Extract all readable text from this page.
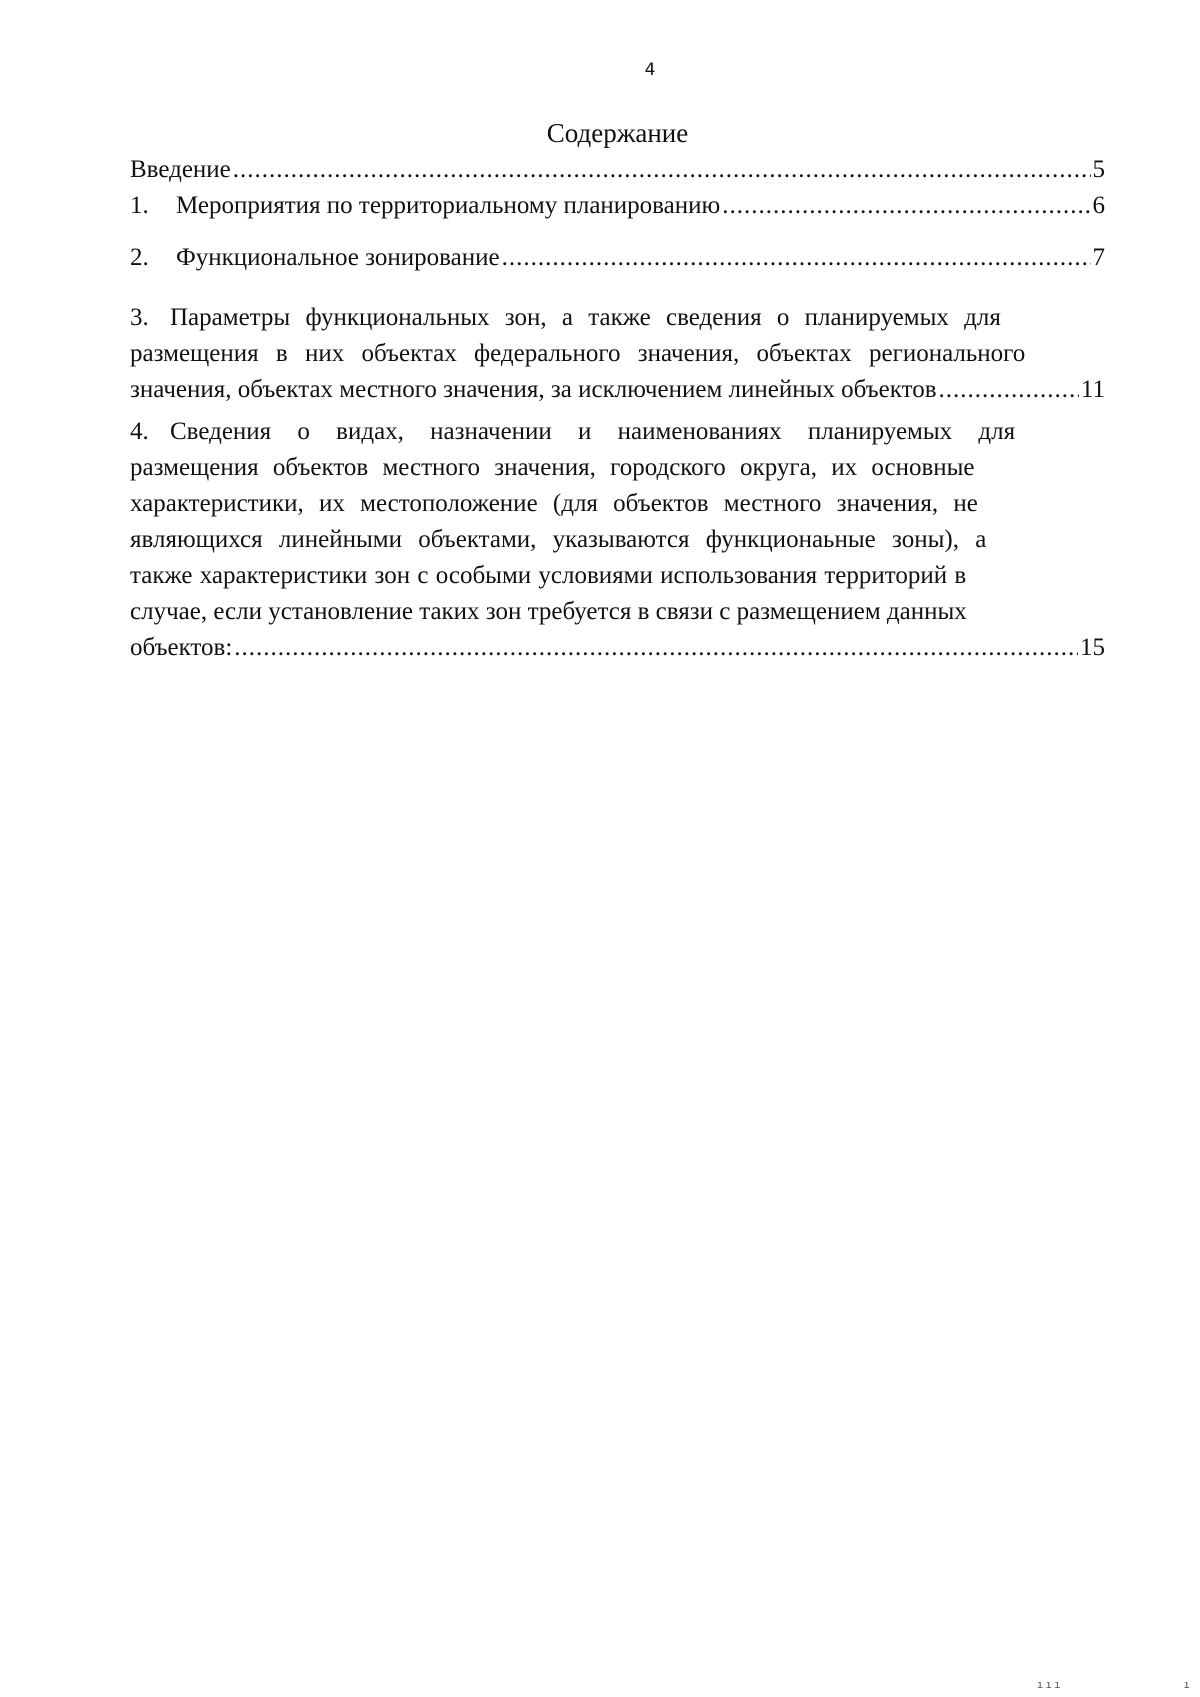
4
Содержание
Введение .....	5
1.	Мероприятия по территориальному планированию .....	6
2.	Функциональное зонирование .....	7
3. Параметры функциональных зон, а также сведения о планируемых для
размещения в них объектах федерального значения, объектах регионального
значения, объектах местного значения, за исключением линейных объектов .....	11
4. Сведения о видах, назначении и наименованиях планируемых для
размещения объектов местного значения, городского округа, их основные
характеристики, их местоположение (для объектов местного значения, не
являющихся линейными объектами, указываются функционаьные зоны), а
также характеристики зон с особыми условиями использования территорий в
случае, если установление таких зон требуется в связи с размещением данных
объектов: .....	15
ııı              ı
